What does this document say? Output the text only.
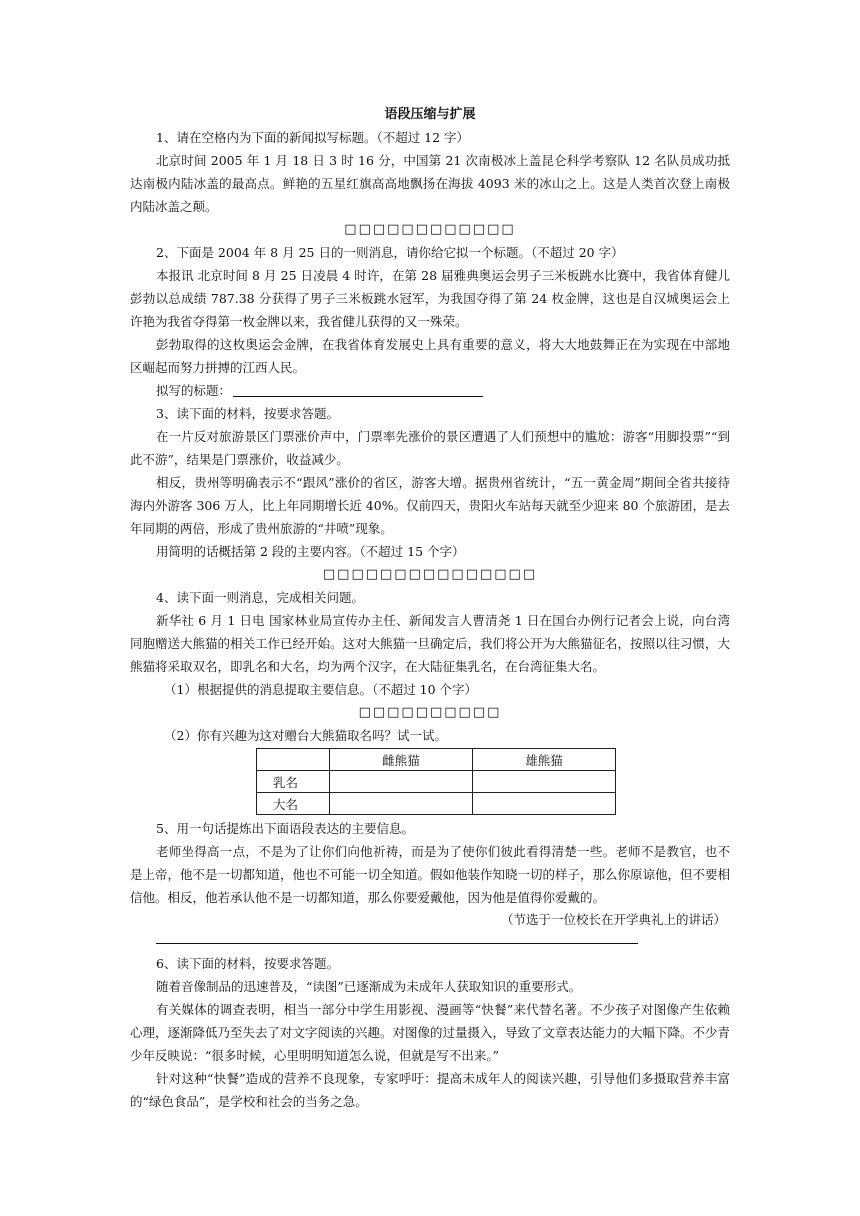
语段压缩与扩展
1、请在空格内为下面的新闻拟写标题。（不超过 12 字）

北京时间 2005 年 1 月 18 日 3 时 16 分，中国第 21 次南极冰上盖昆仑科学考察队 12 名队员成功抵达南极内陆冰盖的最高点。鲜艳的五星红旗高高地飘扬在海拔 4093 米的冰山之上。这是人类首次登上南极内陆冰盖之颠。

□□□□□□□□□□□□
2、下面是 2004 年 8 月 25 日的一则消息，请你给它拟一个标题。（不超过 20 字）

本报讯 北京时间 8 月 25 日凌晨 4 时许，在第 28 届雅典奥运会男子三米板跳水比赛中，我省体育健儿彭勃以总成绩 787.38 分获得了男子三米板跳水冠军，为我国夺得了第 24 枚金牌，这也是自汉城奥运会上许艳为我省夺得第一枚金牌以来，我省健儿获得的又一殊荣。

彭勃取得的这枚奥运会金牌，在我省体育发展史上具有重要的意义，将大大地鼓舞正在为实现在中部地区崛起而努力拼搏的江西人民。

拟写的标题：
3、读下面的材料，按要求答题。

在一片反对旅游景区门票涨价声中，门票率先涨价的景区遭遇了人们预想中的尴尬：游客“用脚投票”“到此不游”，结果是门票涨价，收益减少。

相反，贵州等明确表示不“跟风”涨价的省区，游客大增。据贵州省统计，“五一黄金周”期间全省共接待海内外游客 306 万人，比上年同期增长近 40%。仅前四天，贵阳火车站每天就至少迎来 80 个旅游团，是去年同期的两倍，形成了贵州旅游的“井喷”现象。

用简明的话概括第 2 段的主要内容。（不超过 15 个字）
□□□□□□□□□□□□□□□
4、读下面一则消息，完成相关问题。

新华社 6 月 1 日电 国家林业局宣传办主任、新闻发言人曹清尧 1 日在国台办例行记者会上说，向台湾同胞赠送大熊猫的相关工作已经开始。这对大熊猫一旦确定后，我们将公开为大熊猫征名，按照以往习惯，大熊猫将采取双名，即乳名和大名，均为两个汉字，在大陆征集乳名，在台湾征集大名。

（1）根据提供的消息提取主要信息。（不超过 10 个字）
□□□□□□□□□□
（2）你有兴趣为这对赠台大熊猫取名吗？试一试。
	雌熊猫	雄熊猫
乳名		
大名		
5、用一句话提炼出下面语段表达的主要信息。

老师坐得高一点，不是为了让你们向他祈祷，而是为了使你们彼此看得清楚一些。老师不是教官，也不是上帝，他不是一切都知道，他也不可能一切全知道。假如他装作知晓一切的样子，那么你原谅他，但不要相信他。相反，他若承认他不是一切都知道，那么你要爱戴他，因为他是值得你爱戴的。

（节选于一位校长在开学典礼上的讲话）
6、读下面的材料，按要求答题。

随着音像制品的迅速普及，“读图”已逐渐成为未成年人获取知识的重要形式。

有关媒体的调查表明，相当一部分中学生用影视、漫画等“快餐”来代替名著。不少孩子对图像产生依赖心理，逐渐降低乃至失去了对文字阅读的兴趣。对图像的过量摄入，导致了文章表达能力的大幅下降。不少青少年反映说：“很多时候，心里明明知道怎么说，但就是写不出来。”

针对这种“快餐”造成的营养不良现象，专家呼吁：提高未成年人的阅读兴趣，引导他们多摄取营养丰富的“绿色食品”，是学校和社会的当务之急。
